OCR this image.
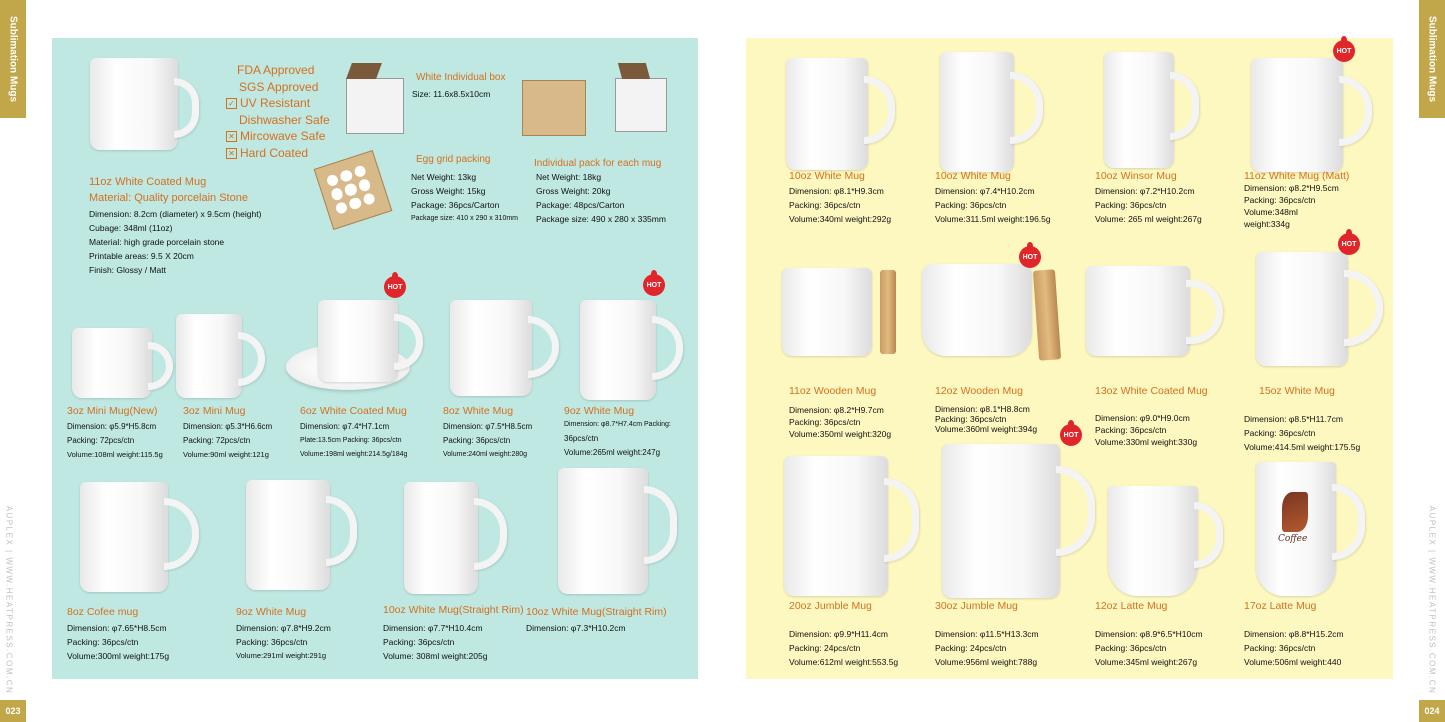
Sublimation Mugs	Sublimation Mugs
AUPLEX | WWW.HEATPRESS.COM.CN	AUPLEX | WWW.HEATPRESS.COM.CN
023	024
FDA Approved
SGS Approved
✓ UV Resistant
Dishwasher Safe
✕ Mircowave Safe
✕ Hard Coated
White Individual box
Size: 11.6x8.5x10cm
Egg grid packing
Net Weight: 13kg
Gross Weight: 15kg
Package: 36pcs/Carton
Package size: 410 x 290 x 310mm
Individual pack for each mug
Net Weight: 18kg
Gross Weight: 20kg
Package: 48pcs/Carton
Package size: 490 x 280 x 335mm
11oz White Coated Mug
Material: Quality porcelain Stone
Dimension: 8.2cm (diameter) x 9.5cm (height)
Cubage: 348ml (11oz)
Material: high grade porcelain stone
Printable areas: 9.5 X 20cm
Finish: Glossy / Matt
HOT	HOT
3oz Mini Mug(New)
Dimension: φ5.9*H5.8cm
Packing: 72pcs/ctn
Volume:108ml weight:115.5g
3oz Mini Mug
Dimension: φ5.3*H6.6cm
Packing: 72pcs/ctn
Volume:90ml weight:121g
6oz White Coated Mug
Dimension: φ7.4*H7.1cm
Plate:13.5cm Packing: 36pcs/ctn
Volume:198ml weight:214.5g/184g
8oz White Mug
Dimension: φ7.5*H8.5cm
Packing: 36pcs/ctn
Volume:240ml weight:280g
9oz White Mug
Dimension: φ8.7*H7.4cm Packing:
36pcs/ctn
Volume:265ml weight:247g
8oz Cofee mug
Dimension: φ7.65*H8.5cm
Packing: 36pcs/ctn
Volume:300ml weight:175g
9oz White Mug
Dimension: φ7.8*H9.2cm
Packing: 36pcs/ctn
Volume:291ml weight:291g
10oz White Mug(Straight Rim)
Dimension: φ7.7*H10.4cm
Packing: 36pcs/ctn
Volume: 308ml weight:205g
10oz White Mug(Straight Rim)
Dimension: φ7.3*H10.2cm
HOT
10oz White Mug
Dimension: φ8.1*H9.3cm
Packing: 36pcs/ctn
Volume:340ml weight:292g
10oz White Mug
Dimension: φ7.4*H10.2cm
Packing: 36pcs/ctn
Volume:311.5ml weight:196.5g
10oz Winsor Mug
Dimension: φ7.2*H10.2cm
Packing: 36pcs/ctn
Volume: 265 ml weight:267g
11oz White Mug (Matt)
Dimension: φ8.2*H9.5cm
Packing: 36pcs/ctn
Volume:348ml
weight:334g
HOT
HOT
11oz Wooden Mug
Dimension: φ8.2*H9.7cm
Packing: 36pcs/ctn
Volume:350ml weight:320g
12oz Wooden Mug
Dimension: φ8.1*H8.8cm
Packing: 36pcs/ctn
Volume:360ml weight:394g
HOT
13oz White Coated Mug
Dimension: φ9.0*H9.0cm
Packing: 36pcs/ctn
Volume:330ml weight:330g
15oz White Mug
Dimension: φ8.5*H11.7cm
Packing: 36pcs/ctn
Volume:414.5ml weight:175.5g
Coffee
20oz Jumble Mug
Dimension: φ9.9*H11.4cm
Packing: 24pcs/ctn
Volume:612ml weight:553.5g
30oz Jumble Mug
Dimension: φ11.5*H13.3cm
Packing: 24pcs/ctn
Volume:956ml weight:788g
12oz Latte Mug
Dimension: φ8.9*6.5*H10cm
Packing: 36pcs/ctn
Volume:345ml weight:267g
17oz Latte Mug
Dimension: φ8.8*H15.2cm
Packing: 36pcs/ctn
Volume:506ml weight:440
